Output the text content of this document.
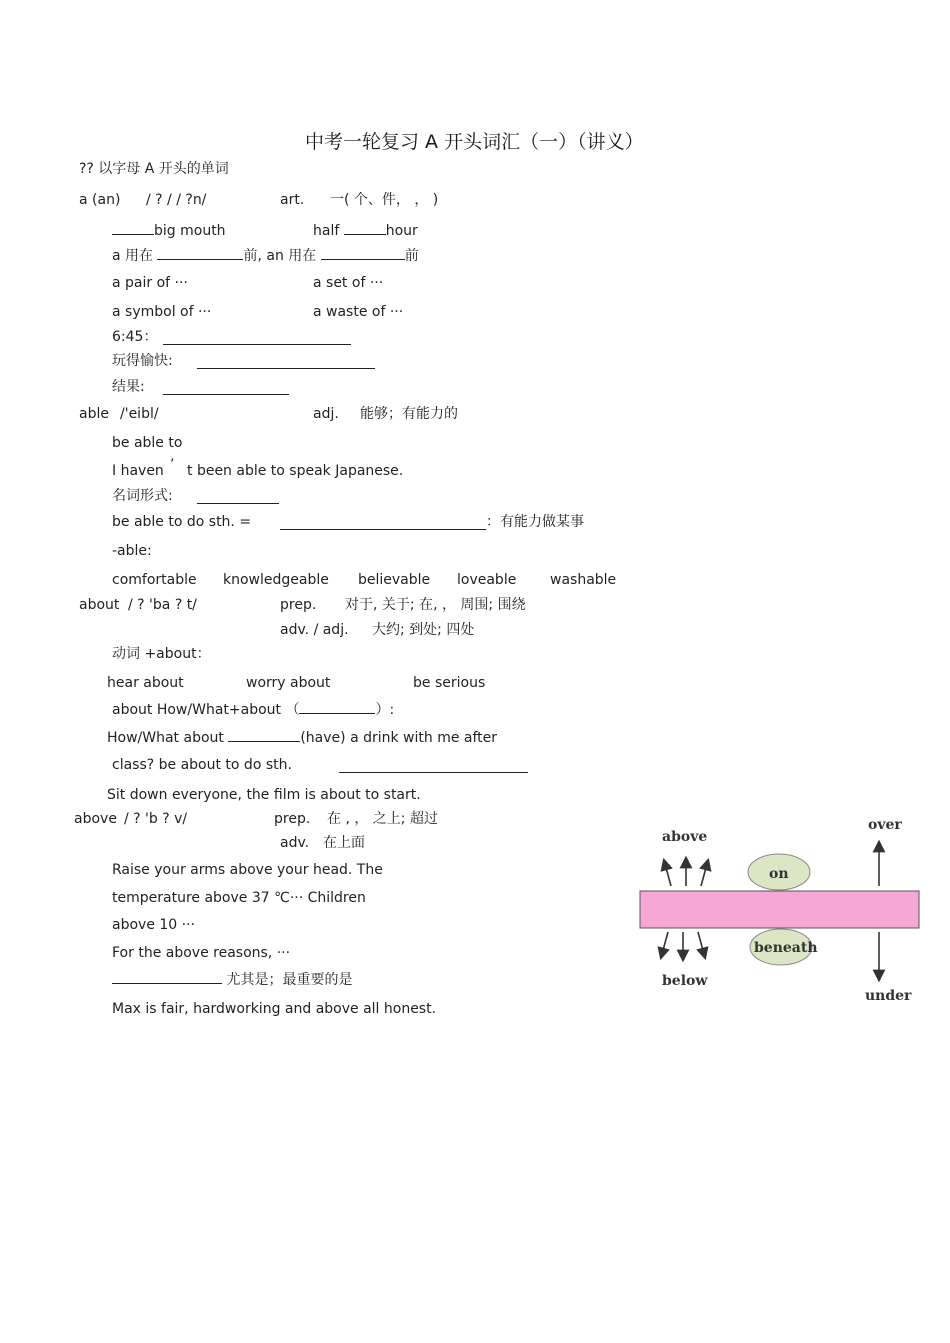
中考一轮复习 A 开头词汇（一）（讲义）
?? 以字母 A 开头的单词
a (an) / ? / / ?n/	art. 一( 个、件， ， )
big mouth	half	hour
a 用在	前, an 用在	前
a pair of ···	a set of ···
a symbol of ···	a waste of ···
6:45：
玩得愉快:
结果:
able /'eibl/	adj. 能够；有能力的
be able to
I haven ’ t been able to speak Japanese.
名词形式:
be able to do sth. =	：有能力做某事
-able:
comfortable knowledgeable believable loveable washable
about / ? 'ba ? t/	prep. 对于, 关于; 在, ， 周围; 围绕
adv. / adj. 大约; 到处; 四处
动词 +about：
hear about	worry about	be serious
about How/What+about （	）:
How/What about	(have) a drink with me after
class? be about to do sth.
Sit down everyone, the film is about to start.
above / ? 'b ? v/	prep. 在 , ， 之上; 超过
adv. 在上面
Raise your arms above your head. The
temperature above 37 ℃··· Children
above 10 ···
For the above reasons, ···
尤其是；最重要的是
Max is fair, hardworking and above all honest.
above
over
on
beneath
below
under
